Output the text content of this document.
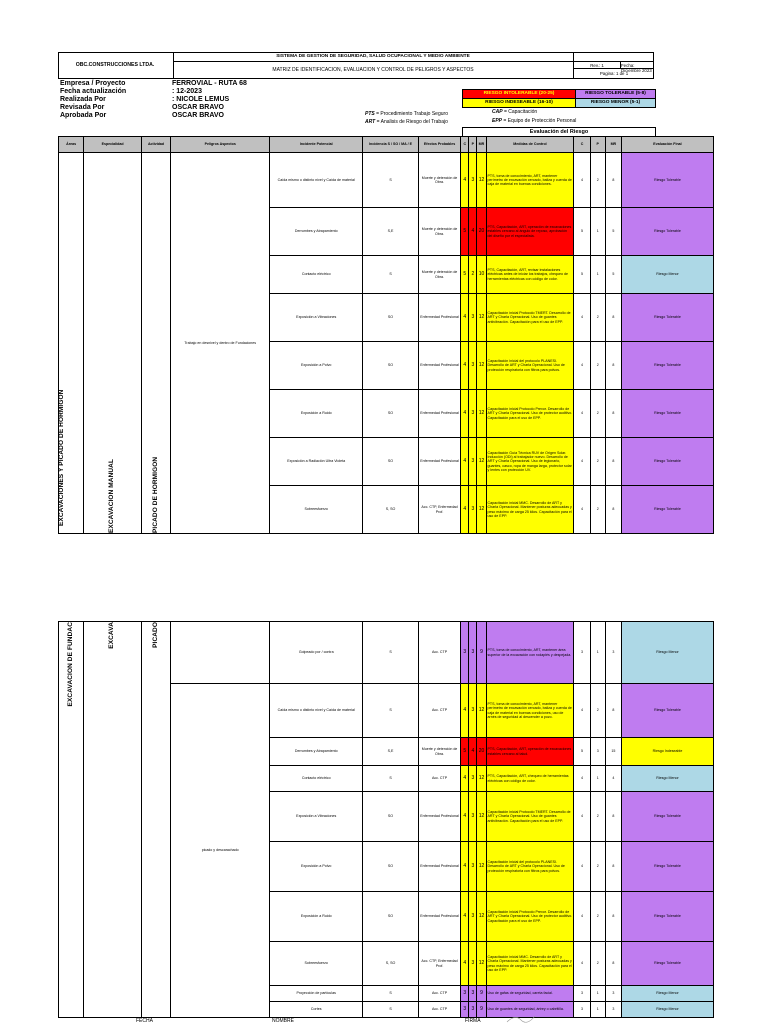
OBC.CONSTRUCCIONES LTDA.
SISTEMA DE GESTION DE SEGURIDAD, SALUD OCUPACIONAL Y MEDIO AMBIENTE
MATRIZ DE IDENTIFICACION, EVALUACION Y CONTROL DE PELIGROS Y ASPECTOS
Rev.: 1	Fecha: Diciembre 2023
Pagina: 1 de 1
Empresa / Proyecto	FERROVIAL - RUTA 68
Fecha actualización	: 12-2023
Realizada Por	: NICOLE LEMUS
Revisada Por	OSCAR BRAVO
Aprobada Por	OSCAR BRAVO	PTS = Procedimiento Trabajo Seguro
ART = Analisis de Riesgo del Trabajo
CAP = Capacitación
EPP = Equipo de Protección Personal
RIESGO INTOLERABLE (20-25)	RIESGO TOLERABLE (5-8)
RIESGO INDESEABLE (16-10)	RIESGO MENOR (5-1)
Evaluación del Riesgo
Áreas	Especialidad	Actividad	Peligros Aspectos	Incidente Potencial	Incidencia S / SO / MA / E	Efectos Probables	C	P	MR	Medidas de Control	C	P	MR	Evaluación Final

EXCAVACIONES Y PICADO DE HORMIGON	EXCAVACION MANUAL	PICADO DE HORMIGON	Trabajo en desnivel y dentro de Fundaciones	Caída mismo o distinto nivel y Caída de material	S	Muerte y detención de Obra.	4	3	12	PTS, toma de conocimiento, ART, mantener perímetro de excavación cercado, baliza y cuerda de caja de material en buenas condiciones.	4	2	8	Riesgo Tolerable
				Derrumbes y Atrapamiento	S,E	Muerte y detención de Obra.	5	4	20	PTS, Capacitación, ART, operación de excavaciones estables cercano al ángulo de reposo, aprobación del diseño por el especialista.	5	1	5	Riesgo Tolerable
				Contacto eléctrico	S	Muerte y detención de Obra.	5	2	10	PTS, Capacitación, ART, revisar instalaciones eléctricas antes de iniciar los trabajos, chequeo de herramientas eléctricas con código de color.	5	1	5	Riesgo Menor
				Exposición a Vibraciones	SO	Enfermedad Profesional	4	3	12	Capacitación inicial Protocolo TMERT. Desarrollo de ART y Charla Operacional. Uso de guantes antivibración. Capacitación para el uso de EPP.	4	2	8	Riesgo Tolerable
				Exposición a Polvo	SO	Enfermedad Profesional	4	3	12	Capacitación inicial del protocolo PLANESI. Desarrollo de ART y Charla Operacional. Uso de protección respiratoria con filtros para polvos.	4	2	8	Riesgo Tolerable
				Exposición a Ruido	SO	Enfermedad Profesional	4	3	12	Capacitación inicial Protocolo Prexor. Desarrollo de ART y Charla Operacional. Uso de protector auditivo. Capacitación para el uso de EPP.	4	2	8	Riesgo Tolerable
				Exposición a Radiación Ultra Violeta	SO	Enfermedad Profesional	4	3	12	Capacitación Guía Técnica RUV de Origen Solar. Inducción (ODI) al trabajador nuevo. Desarrollo de ART y Charla Operacional. Uso de legionario, guantes, casco, ropa de manga larga, protector solar y lentes con protección UV.	4	2	8	Riesgo Tolerable
				Sobreesfuerzo	S, SO	Acc. CTP, Enfermedad Prof.	4	3	12	Capacitación inicial MMC. Desarrollo de ART y Charla Operacional. Mantener posturas adecuadas y peso máximo de carga 25 kilos. Capacitación para el uso de EPP.	4	2	8	Riesgo Tolerable
EXCAVACION DE FUNDAC	EXCAVA	PICADO		Golpeado por / contra	S	Acc. CTP	3	3	9	PTS, toma de conocimiento, ART, mantener área superior de la excavación con rodapiés y despejada.	3	1	3	Riesgo Menor
			picado y descarachado	Caída mismo o distinto nivel y Caída de material	S	Acc. CTP	4	3	12	PTS, toma de conocimiento, ART, mantener perímetro de excavación cercado, baliza y cuerda de caja de material en buenas condiciones, uso de arnés de seguridad al descender a pozo.	4	2	8	Riesgo Tolerable
				Derrumbes y Atrapamiento	S,E	Muerte y detención de Obra.	5	4	20	PTS, Capacitación, ART, operación de excavaciones estables cercano al talud.	5	3	15	Riesgo Indeseable
				Contacto eléctrico	S	Acc. CTP	4	3	12	PTS, Capacitación, ART, chequeo de herramientas eléctricas con código de color.	4	1	4	Riesgo Menor
				Exposición a Vibraciones	SO	Enfermedad Profesional	4	3	12	Capacitación inicial Protocolo TMERT. Desarrollo de ART y Charla Operacional. Uso de guantes antivibración. Capacitación para el uso de EPP.	4	2	8	Riesgo Tolerable
				Exposición a Polvo	SO	Enfermedad Profesional	4	3	12	Capacitación inicial del protocolo PLANESI. Desarrollo de ART y Charla Operacional. Uso de protección respiratoria con filtros para polvos.	4	2	8	Riesgo Tolerable
				Exposición a Ruido	SO	Enfermedad Profesional	4	3	12	Capacitación inicial Protocolo Prexor. Desarrollo de ART y Charla Operacional. Uso de protector auditivo. Capacitación para el uso de EPP.	4	2	8	Riesgo Tolerable
				Sobreesfuerzo	S, SO	Acc. CTP, Enfermedad Prof.	4	3	12	Capacitación inicial MMC. Desarrollo de ART y Charla Operacional. Mantener posturas adecuadas y peso máximo de carga 25 kilos. Capacitación para el uso de EPP.	4	2	8	Riesgo Tolerable
				Proyección de partículas	S	Acc. CTP	3	3	9	Uso de gafas de seguridad, careta facial.	3	1	3	Riesgo Menor
				Cortes	S	Acc. CTP	3	3	9	Uso de guantes de seguridad, ártrey o cabritilla.	3	1	3	Riesgo Menor
FECHA	NOMBRE	FIRMA
